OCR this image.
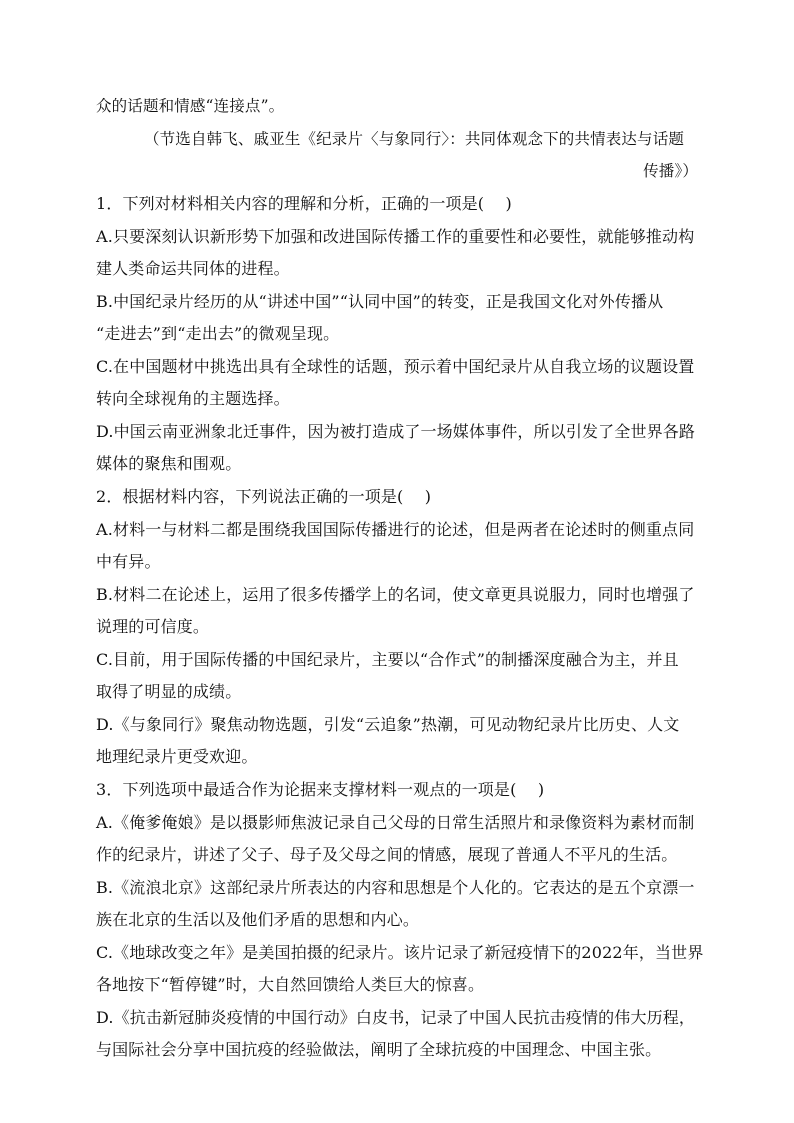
众的话题和情感“连接点”。
（节选自韩飞、戚亚生《纪录片〈与象同行〉：共同体观念下的共情表达与话题
传播》）
1．下列对材料相关内容的理解和分析，正确的一项是(　 )
A.只要深刻认识新形势下加强和改进国际传播工作的重要性和必要性，就能够推动构
建人类命运共同体的进程。
B.中国纪录片经历的从“讲述中国”“认同中国”的转变，正是我国文化对外传播从
“走进去”到“走出去”的微观呈现。
C.在中国题材中挑选出具有全球性的话题，预示着中国纪录片从自我立场的议题设置
转向全球视角的主题选择。
D.中国云南亚洲象北迁事件，因为被打造成了一场媒体事件，所以引发了全世界各路
媒体的聚焦和围观。
2．根据材料内容，下列说法正确的一项是(　 )
A.材料一与材料二都是围绕我国国际传播进行的论述，但是两者在论述时的侧重点同
中有异。
B.材料二在论述上，运用了很多传播学上的名词，使文章更具说服力，同时也增强了
说理的可信度。
C.目前，用于国际传播的中国纪录片，主要以“合作式”的制播深度融合为主，并且
取得了明显的成绩。
D.《与象同行》聚焦动物选题，引发“云追象”热潮，可见动物纪录片比历史、人文
地理纪录片更受欢迎。
3．下列选项中最适合作为论据来支撑材料一观点的一项是(　 )
A.《俺爹俺娘》是以摄影师焦波记录自己父母的日常生活照片和录像资料为素材而制
作的纪录片，讲述了父子、母子及父母之间的情感，展现了普通人不平凡的生活。
B.《流浪北京》这部纪录片所表达的内容和思想是个人化的。它表达的是五个京漂一
族在北京的生活以及他们矛盾的思想和内心。
C.《地球改变之年》是美国拍摄的纪录片。该片记录了新冠疫情下的2022年，当世界
各地按下“暂停键”时，大自然回馈给人类巨大的惊喜。
D.《抗击新冠肺炎疫情的中国行动》白皮书，记录了中国人民抗击疫情的伟大历程，
与国际社会分享中国抗疫的经验做法，阐明了全球抗疫的中国理念、中国主张。
